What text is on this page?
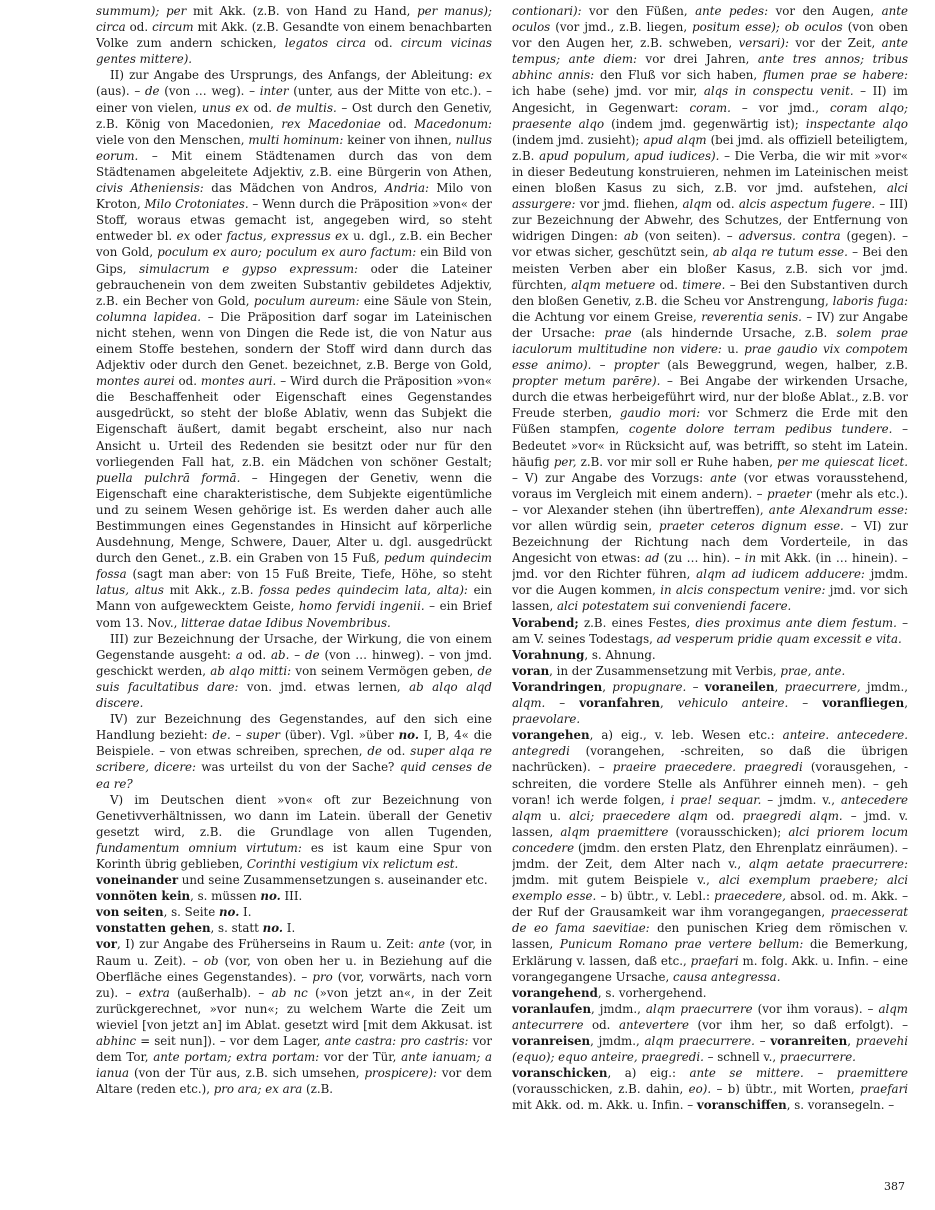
summum); per mit Akk. (z.B. von Hand zu Hand, per manus); circa od. circum mit Akk. (z.B. Gesandte von einem benachbarten Volke zum andern schicken, legatos circa od. circum vicinas gentes mittere).

II) zur Angabe des Ursprungs, des Anfangs, der Ableitung: ex (aus). – de (von … weg). – inter (unter, aus der Mitte von etc.). – einer von vielen, unus ex od. de multis. – Ost durch den Genetiv, z.B. König von Macedonien, rex Macedoniae od. Macedonum: viele von den Menschen, multi hominum: keiner von ihnen, nullus eorum. – Mit einem Städtenamen durch das von dem Städtenamen abgeleitete Adjektiv, z.B. eine Bürgerin von Athen, civis Atheniensis: das Mädchen von Andros, Andria: Milo von Kroton, Milo Crotoniates. – Wenn durch die Präposition »von« der Stoff, woraus etwas gemacht ist, angegeben wird, so steht entweder bl. ex oder factus, expressus ex u. dgl., z.B. ein Becher von Gold, poculum ex auro; poculum ex auro factum: ein Bild von Gips, simulacrum e gypso expressum: oder die Lateiner gebrauchenein von dem zweiten Substantiv gebildetes Adjektiv, z.B. ein Becher von Gold, poculum aureum: eine Säule von Stein, columna lapidea. – Die Präposition darf sogar im Lateinischen nicht stehen, wenn von Dingen die Rede ist, die von Natur aus einem Stoffe bestehen, sondern der Stoff wird dann durch das Adjektiv oder durch den Genet. bezeichnet, z.B. Berge von Gold, montes aurei od. montes auri. – Wird durch die Präposition »von« die Beschaffenheit oder Eigenschaft eines Gegenstandes ausgedrückt, so steht der bloße Ablativ, wenn das Subjekt die Eigenschaft äußert, damit begabt erscheint, also nur nach Ansicht u. Urteil des Redenden sie besitzt oder nur für den vorliegenden Fall hat, z.B. ein Mädchen von schöner Gestalt; puella pulchrā formā. – Hingegen der Genetiv, wenn die Eigenschaft eine charakteristische, dem Subjekte eigentümliche und zu seinem Wesen gehörige ist. Es werden daher auch alle Bestimmungen eines Gegenstandes in Hinsicht auf körperliche Ausdehnung, Menge, Schwere, Dauer, Alter u. dgl. ausgedrückt durch den Genet., z.B. ein Graben von 15 Fuß, pedum quindecim fossa (sagt man aber: von 15 Fuß Breite, Tiefe, Höhe, so steht latus, altus mit Akk., z.B. fossa pedes quindecim lata, alta): ein Mann von aufgewecktem Geiste, homo fervidi ingenii. – ein Brief vom 13. Nov., litterae datae Idibus Novembribus.

III) zur Bezeichnung der Ursache, der Wirkung, die von einem Gegenstande ausgeht: a od. ab. – de (von … hinweg). – von jmd. geschickt werden, ab alqo mitti: von seinem Vermögen geben, de suis facultatibus dare: von. jmd. etwas lernen, ab alqo alqd discere.

IV) zur Bezeichnung des Gegenstandes, auf den sich eine Handlung bezieht: de. – super (über). Vgl. »über no. I, B, 4« die Beispiele. – von etwas schreiben, sprechen, de od. super alqa re scribere, dicere: was urteilst du von der Sache? quid censes de ea re?

V) im Deutschen dient »von« oft zur Bezeichnung von Genetivverhältnissen, wo dann im Latein. überall der Genetiv gesetzt wird, z.B. die Grundlage von allen Tugenden, fundamentum omnium virtutum: es ist kaum eine Spur von Korinth übrig geblieben, Corinthi vestigium vix relictum est.

voneinander und seine Zusammensetzungen s. auseinander etc.

vonnöten kein, s. müssen no. III.

von seiten, s. Seite no. I.

vonstatten gehen, s. statt no. I.

vor, I) zur Angabe des Früherseins in Raum u. Zeit: ante (vor, in Raum u. Zeit). – ob (vor, von oben her u. in Beziehung auf die Oberfläche eines Gegenstandes). – pro (vor, vorwärts, nach vorn zu). – extra (außerhalb). – ab nc (»von jetzt an«, in der Zeit zurückgerechnet, »vor nun«; zu welchem Warte die Zeit um wieviel [von jetzt an] im Ablat. gesetzt wird [mit dem Akkusat. ist abhinc = seit nun]). – vor dem Lager, ante castra: pro castris: vor dem Tor, ante portam; extra portam: vor der Tür, ante ianuam; a ianua (von der Tür aus, z.B. sich umsehen, prospicere): vor dem Altare (reden etc.), pro ara; ex ara (z.B.

contionari): vor den Füßen, ante pedes: vor den Augen, ante oculos (vor jmd., z.B. liegen, positum esse); ob oculos (von oben vor den Augen her, z.B. schweben, versari): vor der Zeit, ante tempus; ante diem: vor drei Jahren, ante tres annos; tribus abhinc annis: den Fluß vor sich haben, flumen prae se habere: ich habe (sehe) jmd. vor mir, alqs in conspectu venit. – II) im Angesicht, in Gegenwart: coram. – vor jmd., coram alqo; praesente alqo (indem jmd. gegenwärtig ist); inspectante alqo (indem jmd. zusieht); apud alqm (bei jmd. als offiziell beteiligtem, z.B. apud populum, apud iudices). – Die Verba, die wir mit »vor« in dieser Bedeutung konstruieren, nehmen im Lateinischen meist einen bloßen Kasus zu sich, z.B. vor jmd. aufstehen, alci assurgere: vor jmd. fliehen, alqm od. alcis aspectum fugere. – III) zur Bezeichnung der Abwehr, des Schutzes, der Entfernung von widrigen Dingen: ab (von seiten). – adversus. contra (gegen). – vor etwas sicher, geschützt sein, ab alqa re tutum esse. – Bei den meisten Verben aber ein bloßer Kasus, z.B. sich vor jmd. fürchten, alqm metuere od. timere. – Bei den Substantiven durch den bloßen Genetiv, z.B. die Scheu vor Anstrengung, laboris fuga: die Achtung vor einem Greise, reverentia senis. – IV) zur Angabe der Ursache: prae (als hindernde Ursache, z.B. solem prae iaculorum multitudine non videre: u. prae gaudio vix compotem esse animo). – propter (als Beweggrund, wegen, halber, z.B. propter metum parēre). – Bei Angabe der wirkenden Ursache, durch die etwas herbeigeführt wird, nur der bloße Ablat., z.B. vor Freude sterben, gaudio mori: vor Schmerz die Erde mit den Füßen stampfen, cogente dolore terram pedibus tundere. – Bedeutet »vor« in Rücksicht auf, was betrifft, so steht im Latein. häufig per, z.B. vor mir soll er Ruhe haben, per me quiescat licet. – V) zur Angabe des Vorzugs: ante (vor etwas vorausstehend, voraus im Vergleich mit einem andern). – praeter (mehr als etc.). – vor Alexander stehen (ihn übertreffen), ante Alexandrum esse: vor allen würdig sein, praeter ceteros dignum esse. – VI) zur Bezeichnung der Richtung nach dem Vorderteile, in das Angesicht von etwas: ad (zu … hin). – in mit Akk. (in … hinein). – jmd. vor den Richter führen, alqm ad iudicem adducere: jmdm. vor die Augen kommen, in alcis conspectum venire: jmd. vor sich lassen, alci potestatem sui conveniendi facere.

Vorabend; z.B. eines Festes, dies proximus ante diem festum. – am V. seines Todestags, ad vesperum pridie quam excessit e vita.

Vorahnung, s. Ahnung.

voran, in der Zusammensetzung mit Verbis, prae, ante.

Vorandringen, propugnare. – voraneilen, praecurrere, jmdm., alqm. – voranfahren, vehiculo anteire. – voranfliegen, praevolare.

vorangehen, a) eig., v. leb. Wesen etc.: anteire. antecedere. antegredi (vorangehen, -schreiten, so daß die übrigen nachrücken). – praeire praecedere. praegredi (vorausgehen, -schreiten, die vordere Stelle als Anführer einneh men). – geh voran! ich werde folgen, i prae! sequar. – jmdm. v., antecedere alqm u. alci; praecedere alqm od. praegredi alqm. – jmd. v. lassen, alqm praemittere (vorausschicken); alci priorem locum concedere (jmdm. den ersten Platz, den Ehrenplatz einräumen). – jmdm. der Zeit, dem Alter nach v., alqm aetate praecurrere: jmdm. mit gutem Beispiele v., alci exemplum praebere; alci exemplo esse. – b) übtr., v. Lebl.: praecedere, absol. od. m. Akk. – der Ruf der Grausamkeit war ihm vorangegangen, praecesserat de eo fama saevitiae: den punischen Krieg dem römischen v. lassen, Punicum Romano prae vertere bellum: die Bemerkung, Erklärung v. lassen, daß etc., praefari m. folg. Akk. u. Infin. – eine vorangegangene Ursache, causa antegressa.

vorangehend, s. vorhergehend.

voranlaufen, jmdm., alqm praecurrere (vor ihm voraus). – alqm antecurrere od. antevertere (vor ihm her, so daß erfolgt). – voranreisen, jmdm., alqm praecurrere. – voranreiten, praevehi (equo); equo anteire, praegredi. – schnell v., praecurrere.

voranschicken, a) eig.: ante se mittere. – praemittere (vorausschicken, z.B. dahin, eo). – b) übtr., mit Worten, praefari mit Akk. od. m. Akk. u. Infin. – voranschiffen, s. voransegeln. –

387
